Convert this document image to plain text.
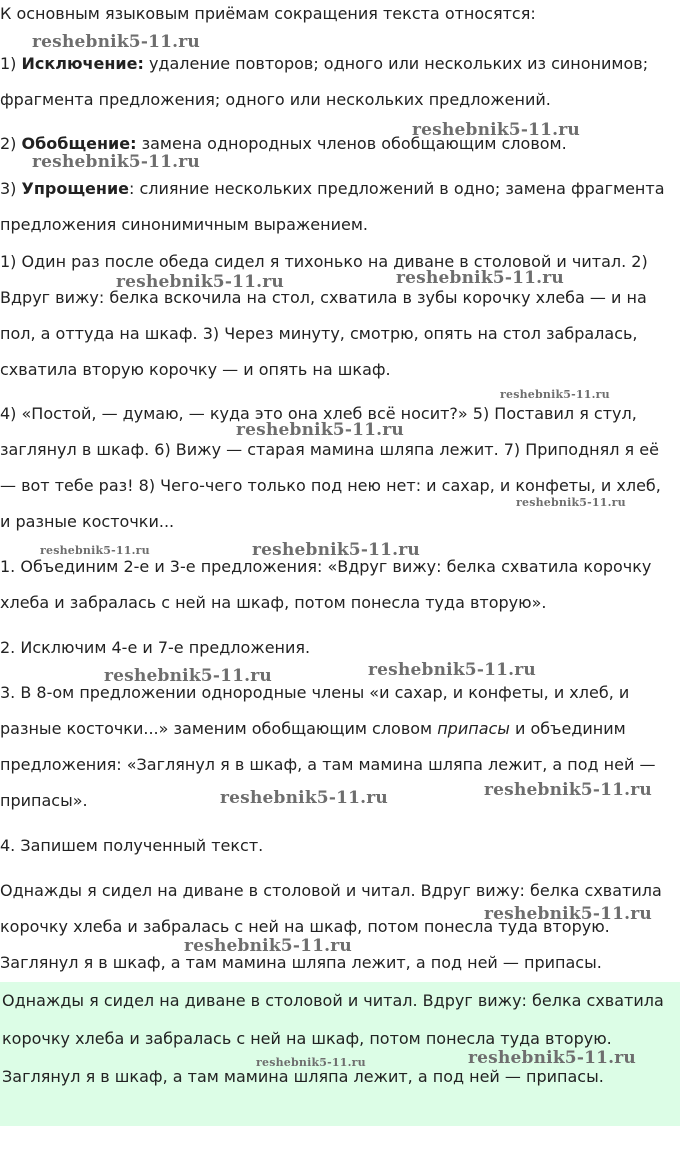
К основным языковым приёмам сокращения текста относятся:

1) Исключение: удаление повторов; одного или нескольких из синонимов; фрагмента предложения; одного или нескольких предложений.

2) Обобщение: замена однородных членов обобщающим словом.

3) Упрощение: слияние нескольких предложений в одно; замена фрагмента предложения синонимичным выражением.

1) Один раз после обеда сидел я тихонько на диване в столовой и читал. 2) Вдруг вижу: белка вскочила на стол, схватила в зубы корочку хлеба — и на пол, а оттуда на шкаф. 3) Через минуту, смотрю, опять на стол забралась, схватила вторую корочку — и опять на шкаф.

4) «Постой, — думаю, — куда это она хлеб всё носит?» 5) Поставил я стул, заглянул в шкаф. 6) Вижу — старая мамина шляпа лежит. 7) Приподнял я её — вот тебе раз! 8) Чего-чего только под нею нет: и сахар, и конфеты, и хлеб, и разные косточки...

1. Объединим 2-е и 3-е предложения: «Вдруг вижу: белка схватила корочку хлеба и забралась с ней на шкаф, потом понесла туда вторую».

2. Исключим 4-е и 7-е предложения.

3. В 8-ом предложении однородные члены «и сахар, и конфеты, и хлеб, и разные косточки...» заменим обобщающим словом припасы и объединим предложения: «Заглянул я в шкаф, а там мамина шляпа лежит, а под ней — припасы».

4. Запишем полученный текст.

Однажды я сидел на диване в столовой и читал. Вдруг вижу: белка схватила корочку хлеба и забралась с ней на шкаф, потом понесла туда вторую. Заглянул я в шкаф, а там мамина шляпа лежит, а под ней — припасы.

Однажды я сидел на диване в столовой и читал. Вдруг вижу: белка схватила корочку хлеба и забралась с ней на шкаф, потом понесла туда вторую. Заглянул я в шкаф, а там мамина шляпа лежит, а под ней — припасы.

reshebnik5-11.ru
reshebnik5-11.ru
reshebnik5-11.ru
reshebnik5-11.ru	reshebnik5-11.ru
reshebnik5-11.ru
reshebnik5-11.ru
reshebnik5-11.ru
reshebnik5-11.ru	reshebnik5-11.ru
reshebnik5-11.ru	reshebnik5-11.ru
reshebnik5-11.ru	reshebnik5-11.ru
reshebnik5-11.ru
reshebnik5-11.ru
reshebnik5-11.ru	reshebnik5-11.ru
